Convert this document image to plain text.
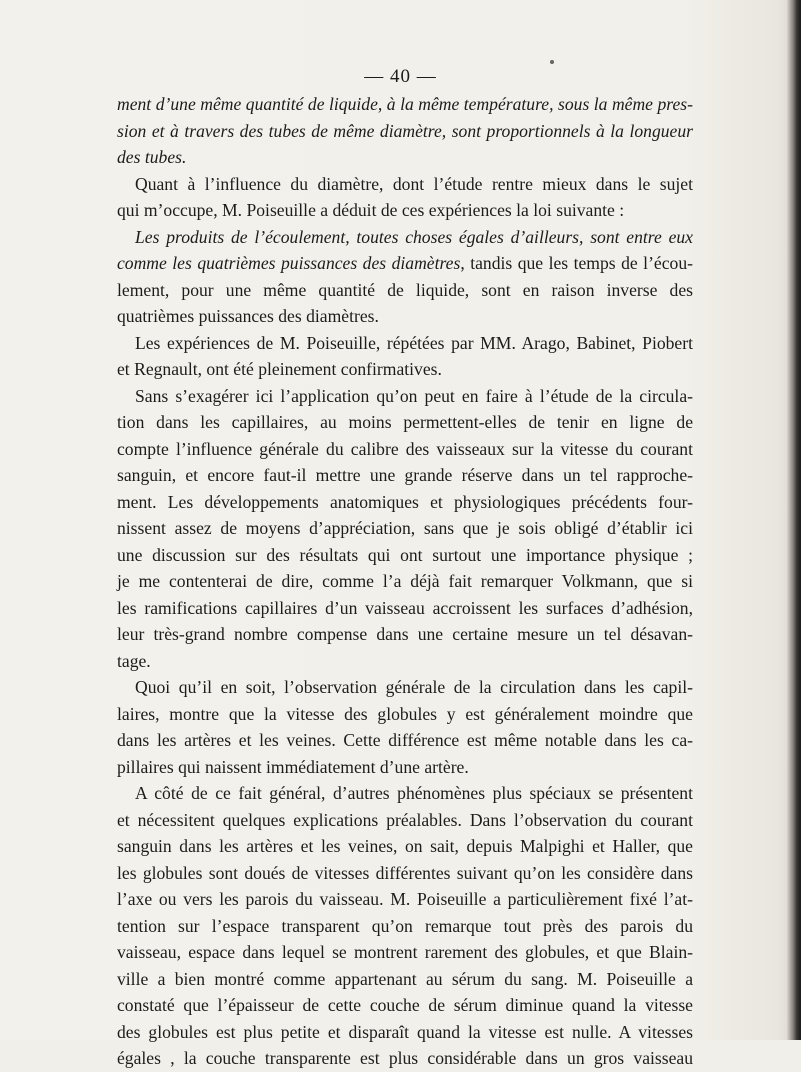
— 40 —
ment d’une même quantité de liquide, à la même température, sous la même pres-
sion et à travers des tubes de même diamètre, sont proportionnels à la longueur
des tubes.
Quant à l’influence du diamètre, dont l’étude rentre mieux dans le sujet
qui m’occupe, M. Poiseuille a déduit de ces expériences la loi suivante :
Les produits de l’écoulement, toutes choses égales d’ailleurs, sont entre eux
comme les quatrièmes puissances des diamètres, tandis que les temps de l’écou-
lement, pour une même quantité de liquide, sont en raison inverse des
quatrièmes puissances des diamètres.
Les expériences de M. Poiseuille, répétées par MM. Arago, Babinet, Piobert
et Regnault, ont été pleinement confirmatives.
Sans s’exagérer ici l’application qu’on peut en faire à l’étude de la circula-
tion dans les capillaires, au moins permettent-elles de tenir en ligne de
compte l’influence générale du calibre des vaisseaux sur la vitesse du courant
sanguin, et encore faut-il mettre une grande réserve dans un tel rapproche-
ment. Les développements anatomiques et physiologiques précédents four-
nissent assez de moyens d’appréciation, sans que je sois obligé d’établir ici
une discussion sur des résultats qui ont surtout une importance physique ;
je me contenterai de dire, comme l’a déjà fait remarquer Volkmann, que si
les ramifications capillaires d’un vaisseau accroissent les surfaces d’adhésion,
leur très-grand nombre compense dans une certaine mesure un tel désavan-
tage.
Quoi qu’il en soit, l’observation générale de la circulation dans les capil-
laires, montre que la vitesse des globules y est généralement moindre que
dans les artères et les veines. Cette différence est même notable dans les ca-
pillaires qui naissent immédiatement d’une artère.
A côté de ce fait général, d’autres phénomènes plus spéciaux se présentent
et nécessitent quelques explications préalables. Dans l’observation du courant
sanguin dans les artères et les veines, on sait, depuis Malpighi et Haller, que
les globules sont doués de vitesses différentes suivant qu’on les considère dans
l’axe ou vers les parois du vaisseau. M. Poiseuille a particulièrement fixé l’at-
tention sur l’espace transparent qu’on remarque tout près des parois du
vaisseau, espace dans lequel se montrent rarement des globules, et que Blain-
ville a bien montré comme appartenant au sérum du sang. M. Poiseuille a
constaté que l’épaisseur de cette couche de sérum diminue quand la vitesse
des globules est plus petite et disparaît quand la vitesse est nulle. A vitesses
égales , la couche transparente est plus considérable dans un gros vaisseau
